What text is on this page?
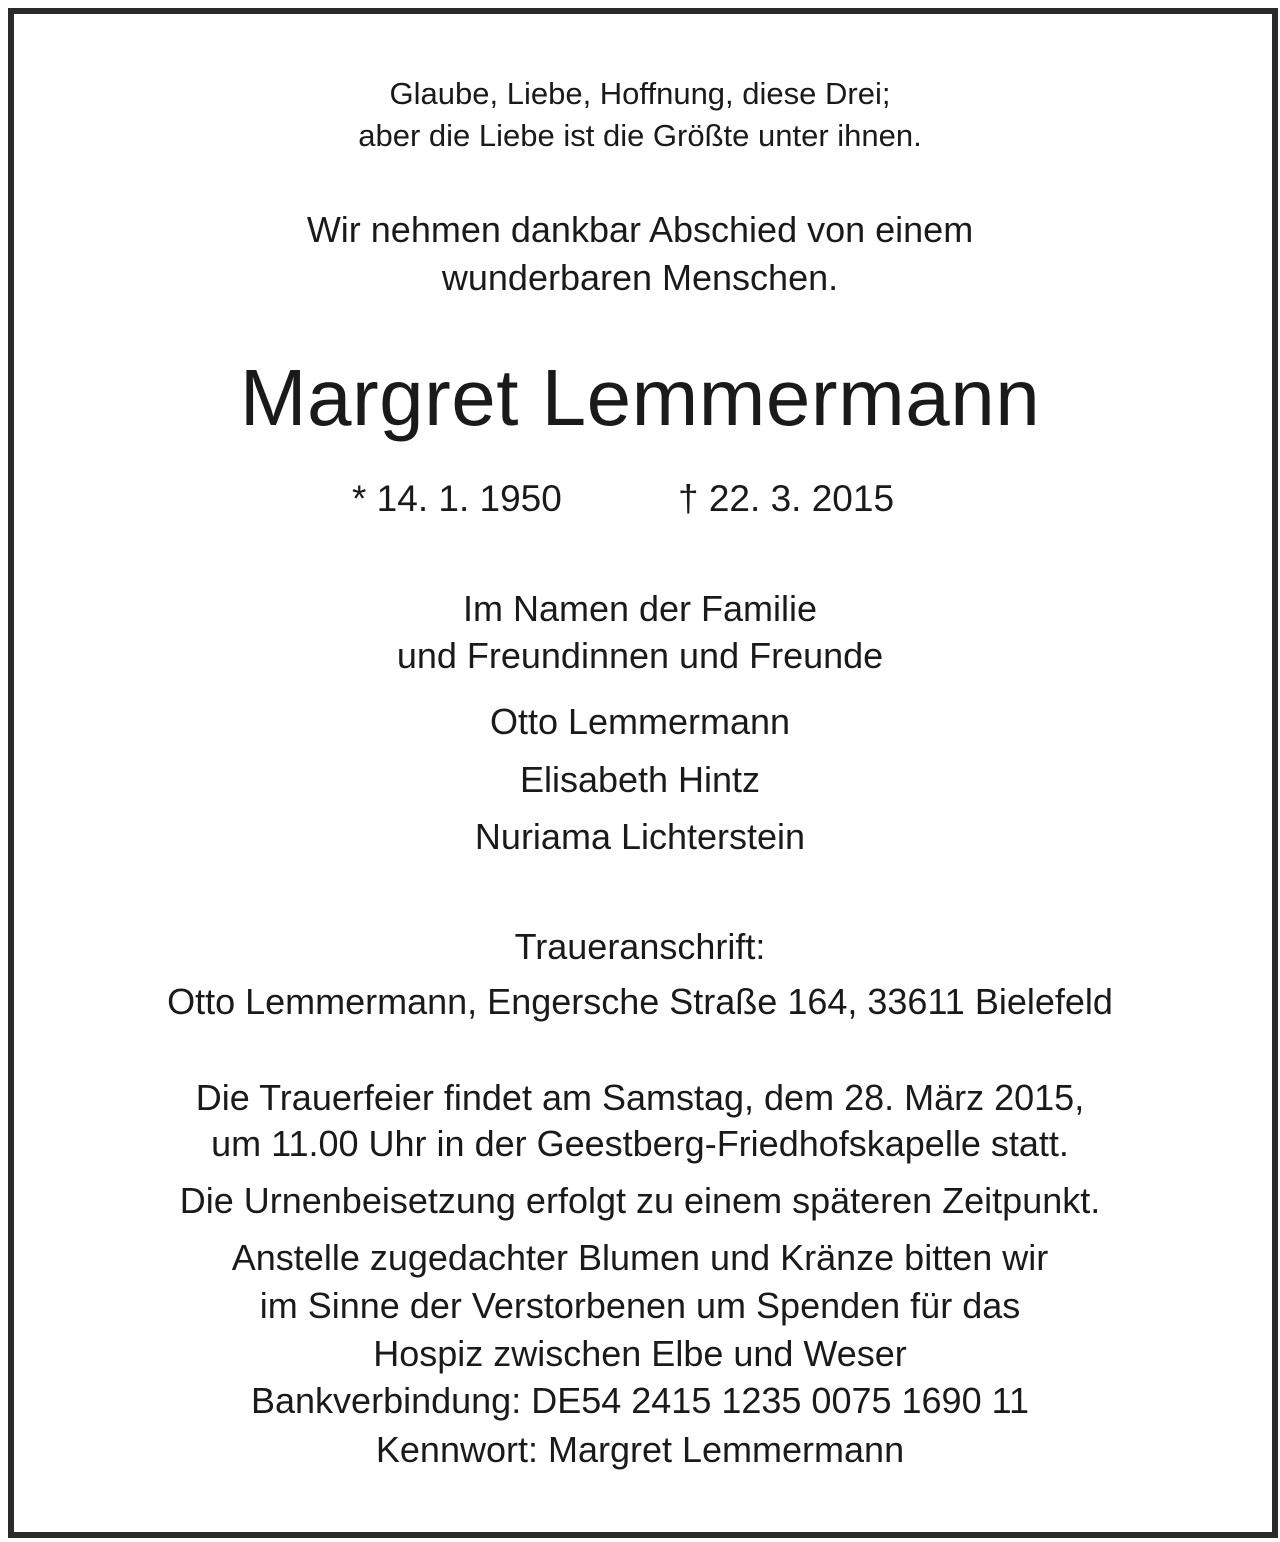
Glaube, Liebe, Hoffnung, diese Drei;
aber die Liebe ist die Größte unter ihnen.
Wir nehmen dankbar Abschied von einem
wunderbaren Menschen.
Margret Lemmermann
* 14. 1. 1950	† 22. 3. 2015
Im Namen der Familie
und Freundinnen und Freunde
Otto Lemmermann
Elisabeth Hintz
Nuriama Lichterstein
Traueranschrift:
Otto Lemmermann, Engersche Straße 164, 33611 Bielefeld
Die Trauerfeier findet am Samstag, dem 28. März 2015,
um 11.00 Uhr in der Geestberg-Friedhofskapelle statt.
Die Urnenbeisetzung erfolgt zu einem späteren Zeitpunkt.
Anstelle zugedachter Blumen und Kränze bitten wir
im Sinne der Verstorbenen um Spenden für das
Hospiz zwischen Elbe und Weser
Bankverbindung: DE54 2415 1235 0075 1690 11
Kennwort: Margret Lemmermann
